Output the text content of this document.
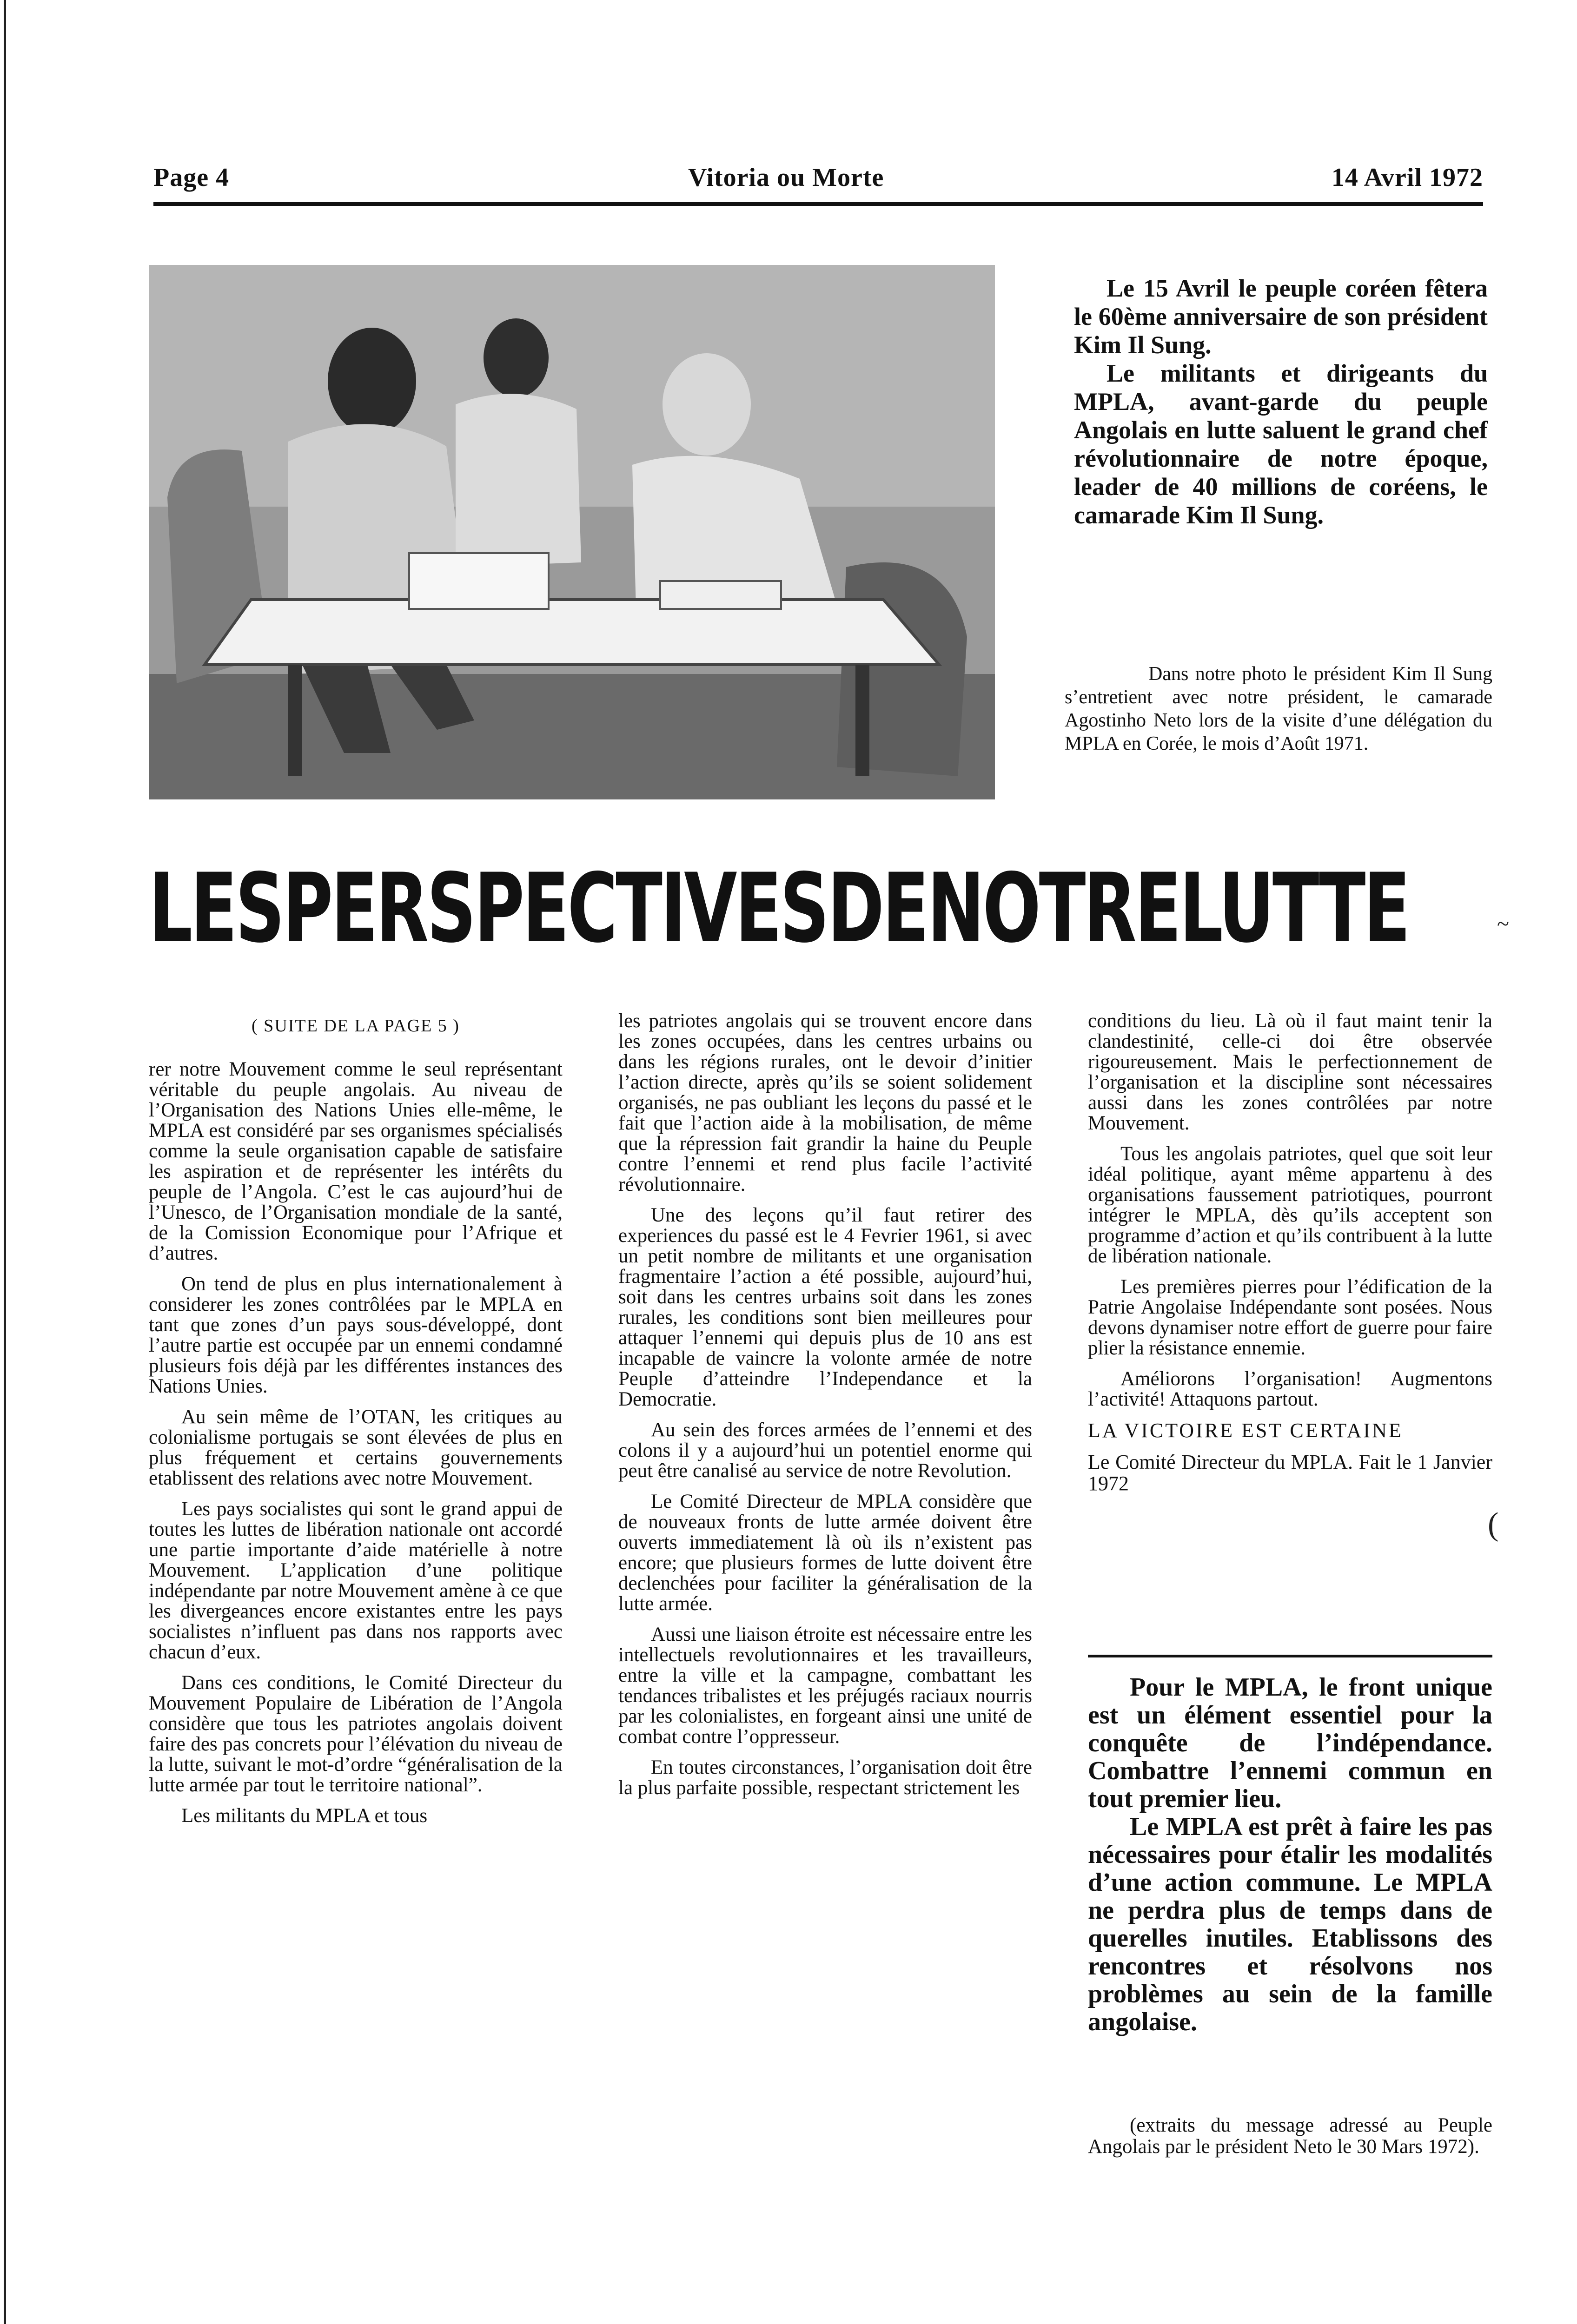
Page 4	Vitoria ou Morte	14 Avril 1972

Le 15 Avril le peuple coréen fêtera le 60ème anniversaire de son président Kim Il Sung.

Le militants et dirigeants du MPLA, avant-garde du peuple Angolais en lutte saluent le grand chef révolutionnaire de notre époque, leader de 40 millions de coréens, le camarade Kim Il Sung.

Dans notre photo le président Kim Il Sung s’entretient avec notre président, le camarade Agostinho Neto lors de la visite d’une délégation du MPLA en Corée, le mois d’Août 1971.

LES PERSPECTIVES DE NOTRE LUTTE
( SUITE DE LA PAGE 5 )

rer notre Mouvement comme le seul représentant véritable du peuple angolais. Au niveau de l’Organisation des Nations Unies elle-même, le MPLA est considéré par ses organismes spécialisés comme la seule organisation capable de satisfaire les aspiration et de représenter les intérêts du peuple de l’Angola. C’est le cas aujourd’hui de l’Unesco, de l’Organisation mondiale de la santé, de la Comission Economique pour l’Afrique et d’autres.

On tend de plus en plus internationalement à considerer les zones contrôlées par le MPLA en tant que zones d’un pays sous-développé, dont l’autre partie est occupée par un ennemi condamné plusieurs fois déjà par les différentes instances des Nations Unies.

Au sein même de l’OTAN, les critiques au colonialisme portugais se sont élevées de plus en plus fréquement et certains gouvernements etablissent des relations avec notre Mouvement.

Les pays socialistes qui sont le grand appui de toutes les luttes de libération nationale ont accordé une partie importante d’aide matérielle à notre Mouvement. L’application d’une politique indépendante par notre Mouvement amène à ce que les divergeances encore existantes entre les pays socialistes n’influent pas dans nos rapports avec chacun d’eux.

Dans ces conditions, le Comité Directeur du Mouvement Populaire de Libération de l’Angola considère que tous les patriotes angolais doivent faire des pas concrets pour l’élévation du niveau de la lutte, suivant le mot-d’ordre “généralisation de la lutte armée par tout le territoire national”.

Les militants du MPLA et tous

les patriotes angolais qui se trouvent encore dans les zones occupées, dans les centres urbains ou dans les régions rurales, ont le devoir d’initier l’action directe, après qu’ils se soient solidement organisés, ne pas oubliant les leçons du passé et le fait que l’action aide à la mobilisation, de même que la répression fait grandir la haine du Peuple contre l’ennemi et rend plus facile l’activité révolutionnaire.

Une des leçons qu’il faut retirer des experiences du passé est le 4 Fevrier 1961, si avec un petit nombre de militants et une organisation fragmentaire l’action a été possible, aujourd’hui, soit dans les centres urbains soit dans les zones rurales, les conditions sont bien meilleures pour attaquer l’ennemi qui depuis plus de 10 ans est incapable de vaincre la volonte armée de notre Peuple d’atteindre l’Independance et la Democratie.

Au sein des forces armées de l’ennemi et des colons il y a aujourd’hui un potentiel enorme qui peut être canalisé au service de notre Revolution.

Le Comité Directeur de MPLA considère que de nouveaux fronts de lutte armée doivent être ouverts immediatement là où ils n’existent pas encore; que plusieurs formes de lutte doivent être declenchées pour faciliter la généralisation de la lutte armée.

Aussi une liaison étroite est nécessaire entre les intellectuels revolutionnaires et les travailleurs, entre la ville et la campagne, combattant les tendances tribalistes et les préjugés raciaux nourris par les colonialistes, en forgeant ainsi une unité de combat contre l’oppresseur.

En toutes circonstances, l’organisation doit être la plus parfaite possible, respectant strictement les

conditions du lieu. Là où il faut maint tenir la clandestinité, celle-ci doi être observée rigoureusement. Mais le perfectionnement de l’organisation et la discipline sont nécessaires aussi dans les zones contrôlées par notre Mouvement.

Tous les angolais patriotes, quel que soit leur idéal politique, ayant même appartenu à des organisations faussement patriotiques, pourront intégrer le MPLA, dès qu’ils acceptent son programme d’action et qu’ils contribuent à la lutte de libération nationale.

Les premières pierres pour l’édification de la Patrie Angolaise Indépendante sont posées. Nous devons dynamiser notre effort de guerre pour faire plier la résistance ennemie.

Améliorons l’organisation! Augmentons l’activité! Attaquons partout.

LA VICTOIRE EST CERTAINE

Le Comité Directeur du MPLA. Fait le 1 Janvier 1972

Pour le MPLA, le front unique est un élément essentiel pour la conquête de l’indépendance. Combattre l’ennemi commun en tout premier lieu.

Le MPLA est prêt à faire les pas nécessaires pour étalir les modalités d’une action commune. Le MPLA ne perdra plus de temps dans de querelles inutiles. Etablissons des rencontres et résolvons nos problèmes au sein de la famille angolaise.

(extraits du message adressé au Peuple Angolais par le président Neto le 30 Mars 1972).

~
(
